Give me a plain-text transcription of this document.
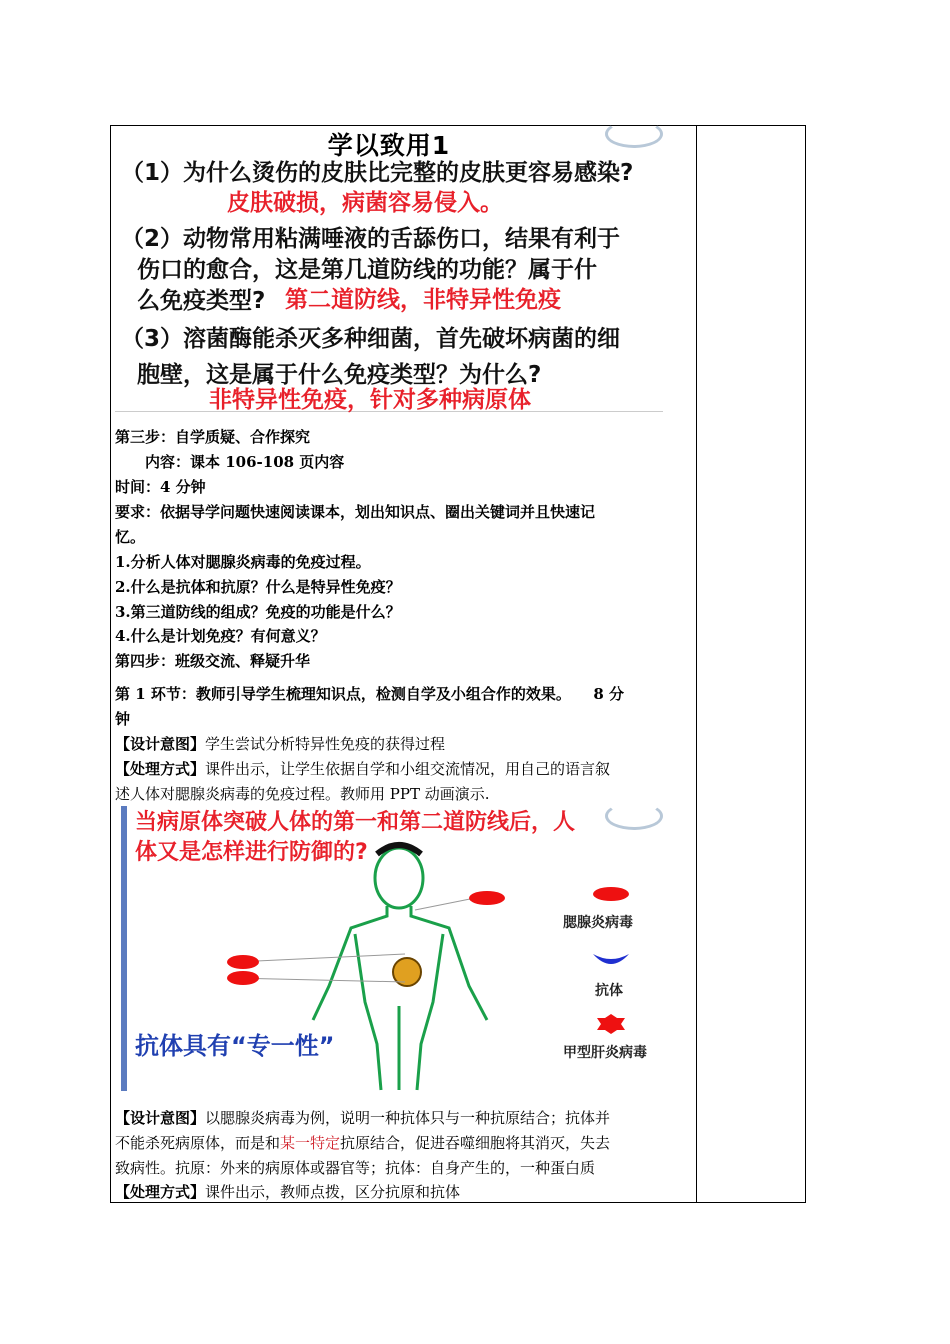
学以致用1
（1）为什么烫伤的皮肤比完整的皮肤更容易感染?
皮肤破损，病菌容易侵入。
（2）动物常用粘满唾液的舌舔伤口，结果有利于
伤口的愈合，这是第几道防线的功能？属于什
么免疫类型? 第二道防线，非特异性免疫
（3）溶菌酶能杀灭多种细菌，首先破坏病菌的细
胞壁，这是属于什么免疫类型？为什么?
非特异性免疫，针对多种病原体
第三步：自学质疑、合作探究
内容：课本 106-108 页内容
时间：4 分钟
要求：依据导学问题快速阅读课本，划出知识点、圈出关键词并且快速记
忆。
1.分析人体对腮腺炎病毒的免疫过程。
2.什么是抗体和抗原？什么是特异性免疫？
3.第三道防线的组成？免疫的功能是什么？
4.什么是计划免疫？有何意义？
第四步：班级交流、释疑升华
第 1 环节：教师引导学生梳理知识点，检测自学及小组合作的效果。　　8 分
钟
【设计意图】学生尝试分析特异性免疫的获得过程
【处理方式】课件出示，让学生依据自学和小组交流情况，用自己的语言叙
述人体对腮腺炎病毒的免疫过程。教师用 PPT 动画演示.
当病原体突破人体的第一和第二道防线后，人
体又是怎样进行防御的?
腮腺炎病毒
抗体
甲型肝炎病毒
抗体具有“专一性”
【设计意图】以腮腺炎病毒为例，说明一种抗体只与一种抗原结合；抗体并
不能杀死病原体，而是和某一特定抗原结合，促进吞噬细胞将其消灭，失去
致病性。抗原：外来的病原体或器官等；抗体：自身产生的，一种蛋白质
【处理方式】课件出示，教师点拨，区分抗原和抗体
